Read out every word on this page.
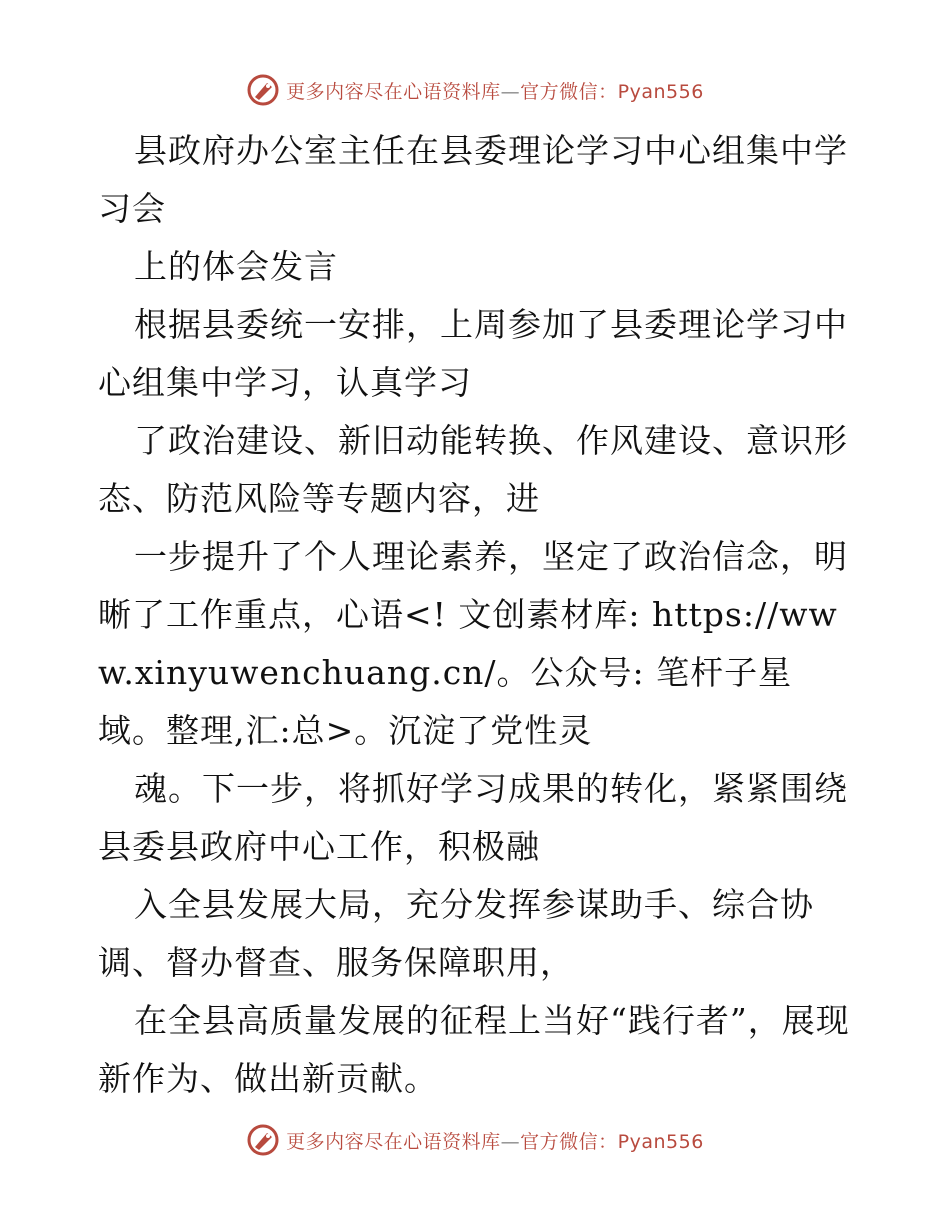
更多内容尽在心语资料库—官方微信：Pyan556

县政府办公室主任在县委理论学习中心组集中学习会

上的体会发言

根据县委统一安排，上周参加了县委理论学习中心组集中学习，认真学习

了政治建设、新旧动能转换、作风建设、意识形态、防范风险等专题内容，进

一步提升了个人理论素养，坚定了政治信念，明晰了工作重点，心语<! 文创素材库: https://www.xinyuwenchuang.cn/。公众号: 笔杆子星域。整理,汇:总>。沉淀了党性灵

魂。下一步，将抓好学习成果的转化，紧紧围绕县委县政府中心工作，积极融

入全县发展大局，充分发挥参谋助手、综合协调、督办督查、服务保障职用，

在全县高质量发展的征程上当好“践行者”，展现新作为、做出新贡献。

更多内容尽在心语资料库—官方微信：Pyan556
